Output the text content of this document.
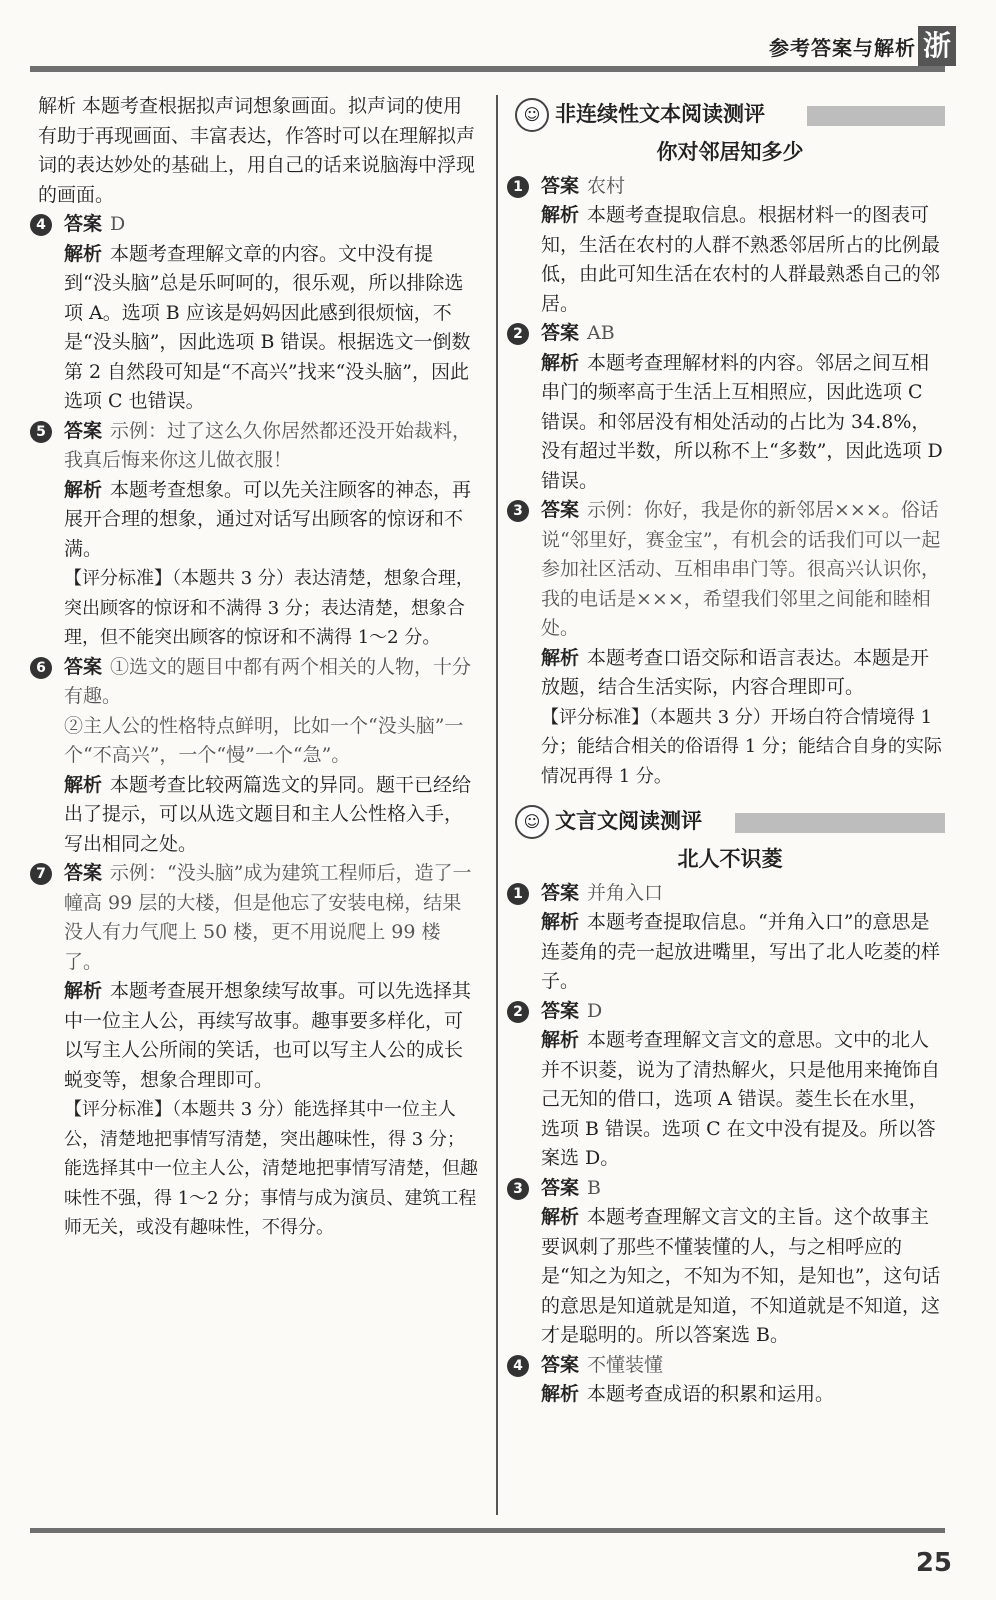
浙
参考答案与解析

解析 本题考查根据拟声词想象画面。拟声词的使用有助于再现画面、丰富表达，作答时可以在理解拟声词的表达妙处的基础上，用自己的话来说脑海中浮现的画面。

4 答案 D

解析 本题考查理解文章的内容。文中没有提到“没头脑”总是乐呵呵的，很乐观，所以排除选项 A。选项 B 应该是妈妈因此感到很烦恼，不是“没头脑”，因此选项 B 错误。根据选文一倒数第 2 自然段可知是“不高兴”找来“没头脑”，因此选项 C 也错误。

5 答案 示例：过了这么久你居然都还没开始裁料，我真后悔来你这儿做衣服！

解析 本题考查想象。可以先关注顾客的神态，再展开合理的想象，通过对话写出顾客的惊讶和不满。

【评分标准】（本题共 3 分）表达清楚，想象合理，突出顾客的惊讶和不满得 3 分；表达清楚，想象合理，但不能突出顾客的惊讶和不满得 1～2 分。

6 答案 ①选文的题目中都有两个相关的人物，十分有趣。

②主人公的性格特点鲜明，比如一个“没头脑”一个“不高兴”，一个“慢”一个“急”。

解析 本题考查比较两篇选文的异同。题干已经给出了提示，可以从选文题目和主人公性格入手，写出相同之处。

7 答案 示例：“没头脑”成为建筑工程师后，造了一幢高 99 层的大楼，但是他忘了安装电梯，结果没人有力气爬上 50 楼，更不用说爬上 99 楼了。

解析 本题考查展开想象续写故事。可以先选择其中一位主人公，再续写故事。趣事要多样化，可以写主人公所闹的笑话，也可以写主人公的成长蜕变等，想象合理即可。

【评分标准】（本题共 3 分）能选择其中一位主人公，清楚地把事情写清楚，突出趣味性，得 3 分；能选择其中一位主人公，清楚地把事情写清楚，但趣味性不强，得 1～2 分；事情与成为演员、建筑工程师无关，或没有趣味性，不得分。

☺ 非连续性文本阅读测评
你对邻居知多少
1 答案 农村

解析 本题考查提取信息。根据材料一的图表可知，生活在农村的人群不熟悉邻居所占的比例最低，由此可知生活在农村的人群最熟悉自己的邻居。

2 答案 AB

解析 本题考查理解材料的内容。邻居之间互相串门的频率高于生活上互相照应，因此选项 C 错误。和邻居没有相处活动的占比为 34.8%，没有超过半数，所以称不上“多数”，因此选项 D 错误。

3 答案 示例：你好，我是你的新邻居×××。俗话说“邻里好，赛金宝”，有机会的话我们可以一起参加社区活动、互相串串门等。很高兴认识你，我的电话是×××，希望我们邻里之间能和睦相处。

解析 本题考查口语交际和语言表达。本题是开放题，结合生活实际，内容合理即可。

【评分标准】（本题共 3 分）开场白符合情境得 1 分；能结合相关的俗语得 1 分；能结合自身的实际情况再得 1 分。

☺ 文言文阅读测评
北人不识菱
1 答案 并角入口

解析 本题考查提取信息。“并角入口”的意思是连菱角的壳一起放进嘴里，写出了北人吃菱的样子。

2 答案 D

解析 本题考查理解文言文的意思。文中的北人并不识菱，说为了清热解火，只是他用来掩饰自己无知的借口，选项 A 错误。菱生长在水里，选项 B 错误。选项 C 在文中没有提及。所以答案选 D。

3 答案 B

解析 本题考查理解文言文的主旨。这个故事主要讽刺了那些不懂装懂的人，与之相呼应的是“知之为知之，不知为不知，是知也”，这句话的意思是知道就是知道，不知道就是不知道，这才是聪明的。所以答案选 B。

4 答案 不懂装懂

解析 本题考查成语的积累和运用。

25
